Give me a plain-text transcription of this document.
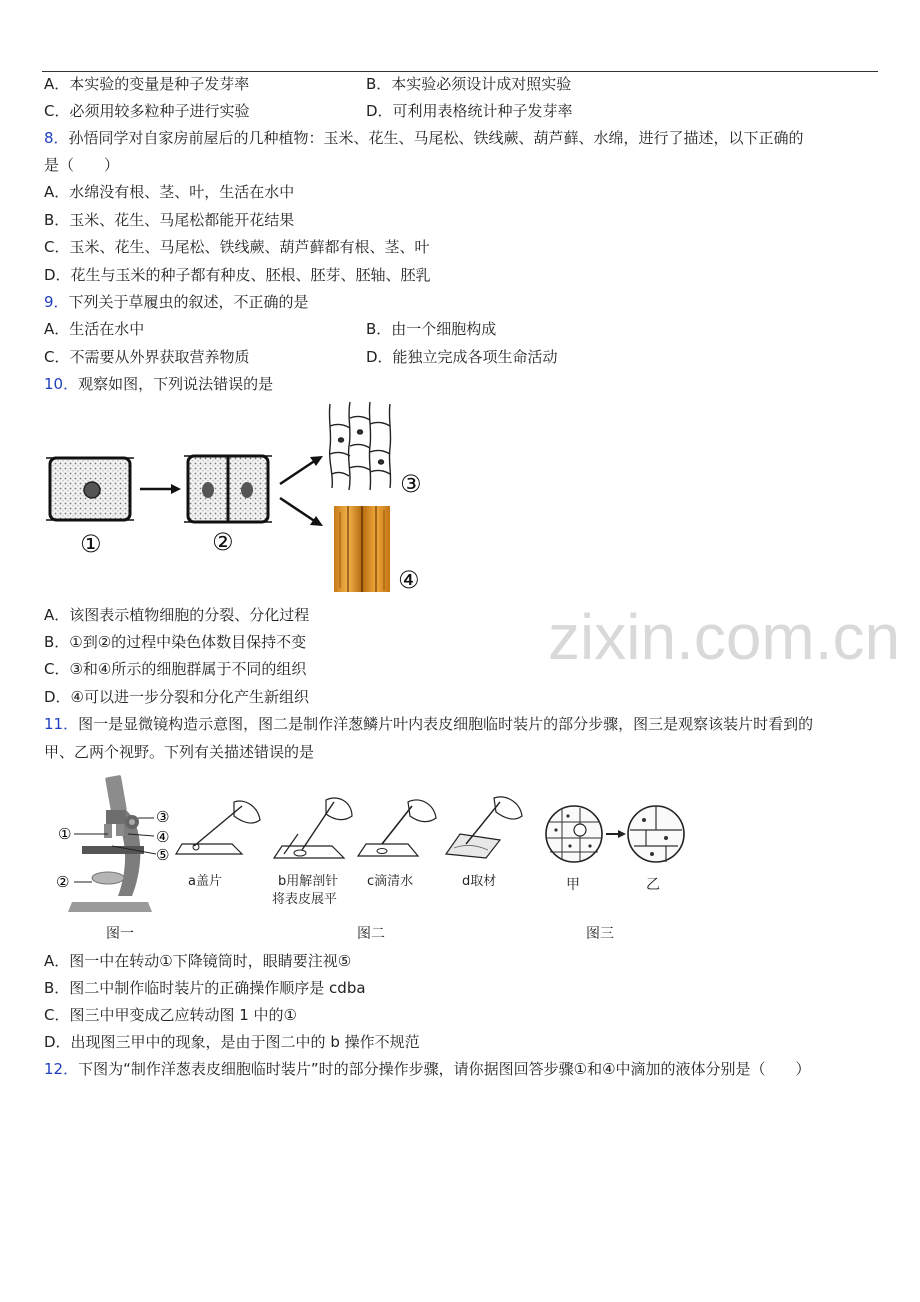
A．本实验的变量是种子发芽率	B．本实验必须设计成对照实验
C．必须用较多粒种子进行实验	D．可利用表格统计种子发芽率
8．孙悟同学对自家房前屋后的几种植物：玉米、花生、马尾松、铁线蕨、葫芦藓、水绵，进行了描述，以下正确的
是（　　）
A．水绵没有根、茎、叶，生活在水中
B．玉米、花生、马尾松都能开花结果
C．玉米、花生、马尾松、铁线蕨、葫芦藓都有根、茎、叶
D．花生与玉米的种子都有种皮、胚根、胚芽、胚轴、胚乳
9．下列关于草履虫的叙述，不正确的是
A．生活在水中	B．由一个细胞构成
C．不需要从外界获取营养物质	D．能独立完成各项生命活动
10．观察如图，下列说法错误的是
③
④
①	②
A．该图表示植物细胞的分裂、分化过程
B．①到②的过程中染色体数目保持不变
C．③和④所示的细胞群属于不同的组织
D．④可以进一步分裂和分化产生新组织
zixin.com.cn
11．图一是显微镜构造示意图，图二是制作洋葱鳞片叶内表皮细胞临时装片的部分步骤，图三是观察该装片时看到的
甲、乙两个视野。下列有关描述错误的是
①
②
③
④
⑤
a盖片	b用解剖针
将表皮展平
c滴清水	d取材	甲	乙
图一	图二	图三
A．图一中在转动①下降镜筒时，眼睛要注视⑤
B．图二中制作临时装片的正确操作顺序是 cdba
C．图三中甲变成乙应转动图 1 中的①
D．出现图三甲中的现象，是由于图二中的 b 操作不规范
12．下图为“制作洋葱表皮细胞临时装片”时的部分操作步骤，请你据图回答步骤①和④中滴加的液体分别是（　　）
